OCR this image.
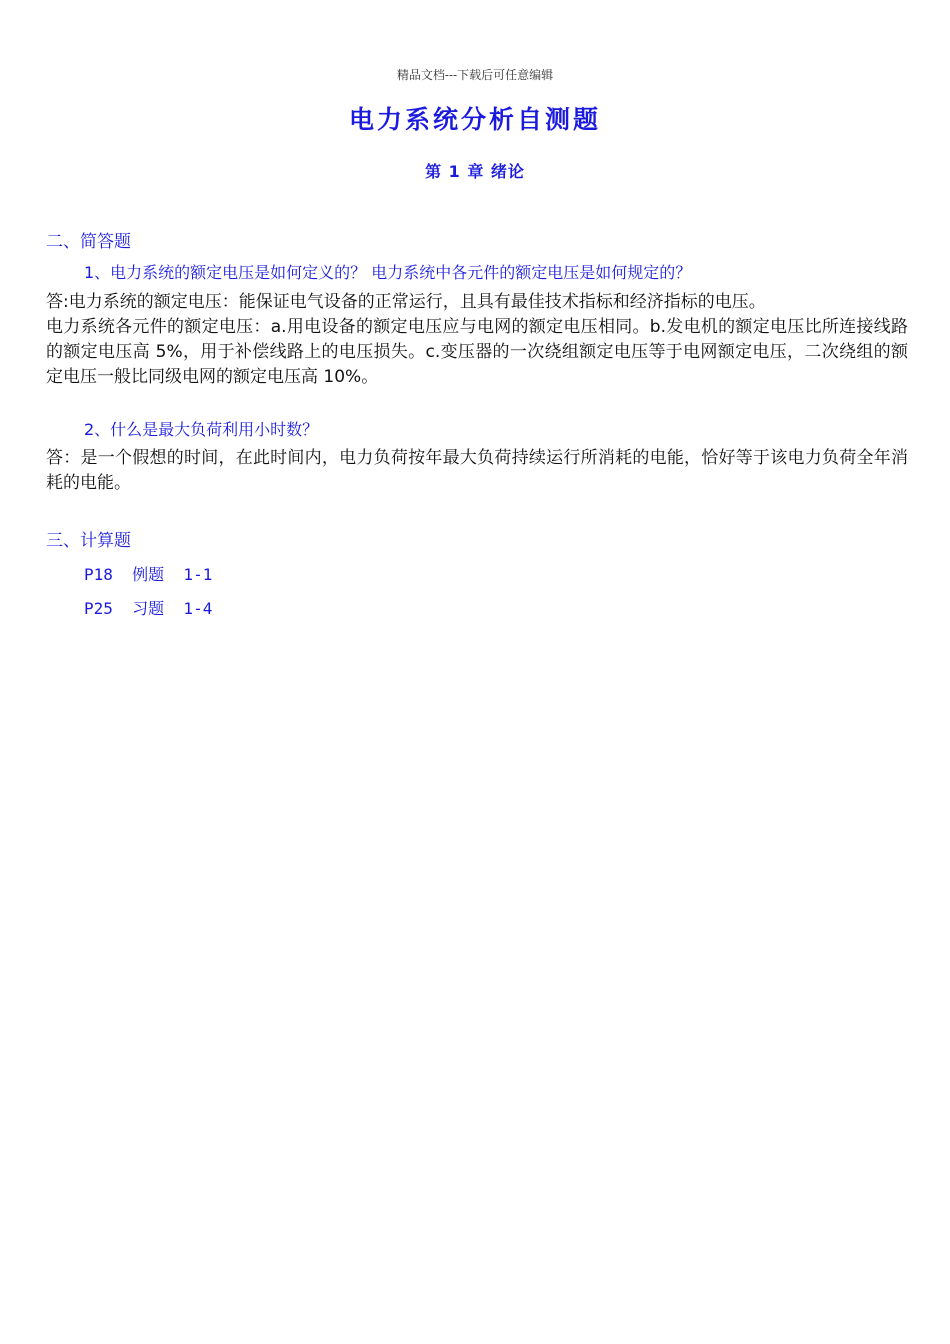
精品文档---下载后可任意编辑
电力系统分析自测题
第 1 章 绪论
二、简答题
1、电力系统的额定电压是如何定义的？ 电力系统中各元件的额定电压是如何规定的？

答:电力系统的额定电压：能保证电气设备的正常运行，且具有最佳技术指标和经济指标的电压。

电力系统各元件的额定电压：a.用电设备的额定电压应与电网的额定电压相同。b.发电机的额定电压比所连接线路的额定电压高 5%，用于补偿线路上的电压损失。c.变压器的一次绕组额定电压等于电网额定电压，二次绕组的额定电压一般比同级电网的额定电压高 10%。

2、什么是最大负荷利用小时数？

答：是一个假想的时间，在此时间内，电力负荷按年最大负荷持续运行所消耗的电能，恰好等于该电力负荷全年消耗的电能。

三、计算题
P18  例题  1-1
P25  习题  1-4
